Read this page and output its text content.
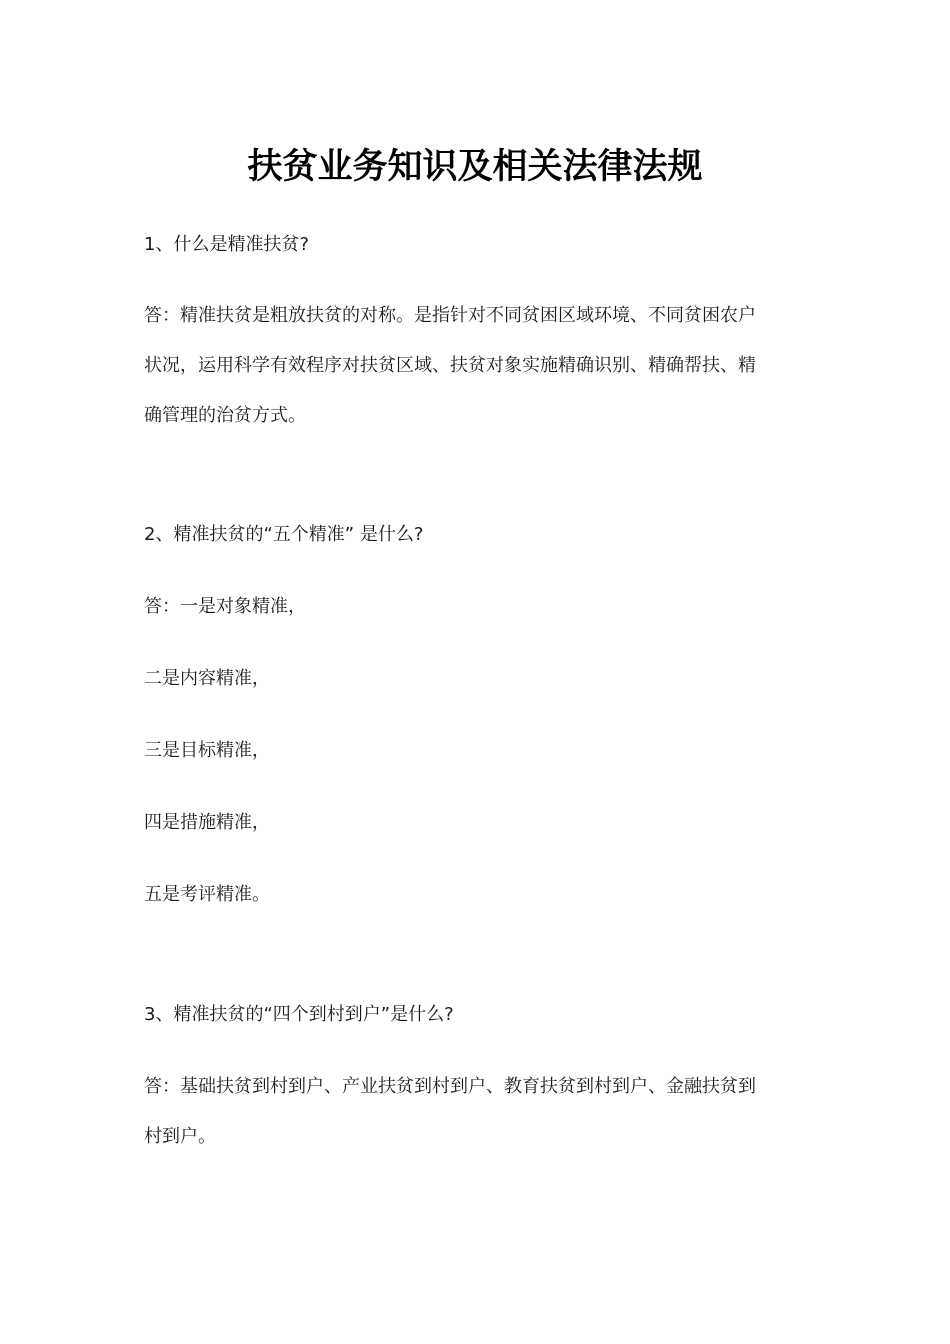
扶贫业务知识及相关法律法规

1、什么是精准扶贫?

答：精准扶贫是粗放扶贫的对称。是指针对不同贫困区域环境、不同贫困农户

状况，运用科学有效程序对扶贫区域、扶贫对象实施精确识别、精确帮扶、精

确管理的治贫方式。

2、精准扶贫的“五个精准” 是什么?

答：一是对象精准，

二是内容精准，

三是目标精准，

四是措施精准，

五是考评精准。

3、精准扶贫的“四个到村到户”是什么?

答：基础扶贫到村到户、产业扶贫到村到户、教育扶贫到村到户、金融扶贫到

村到户。
